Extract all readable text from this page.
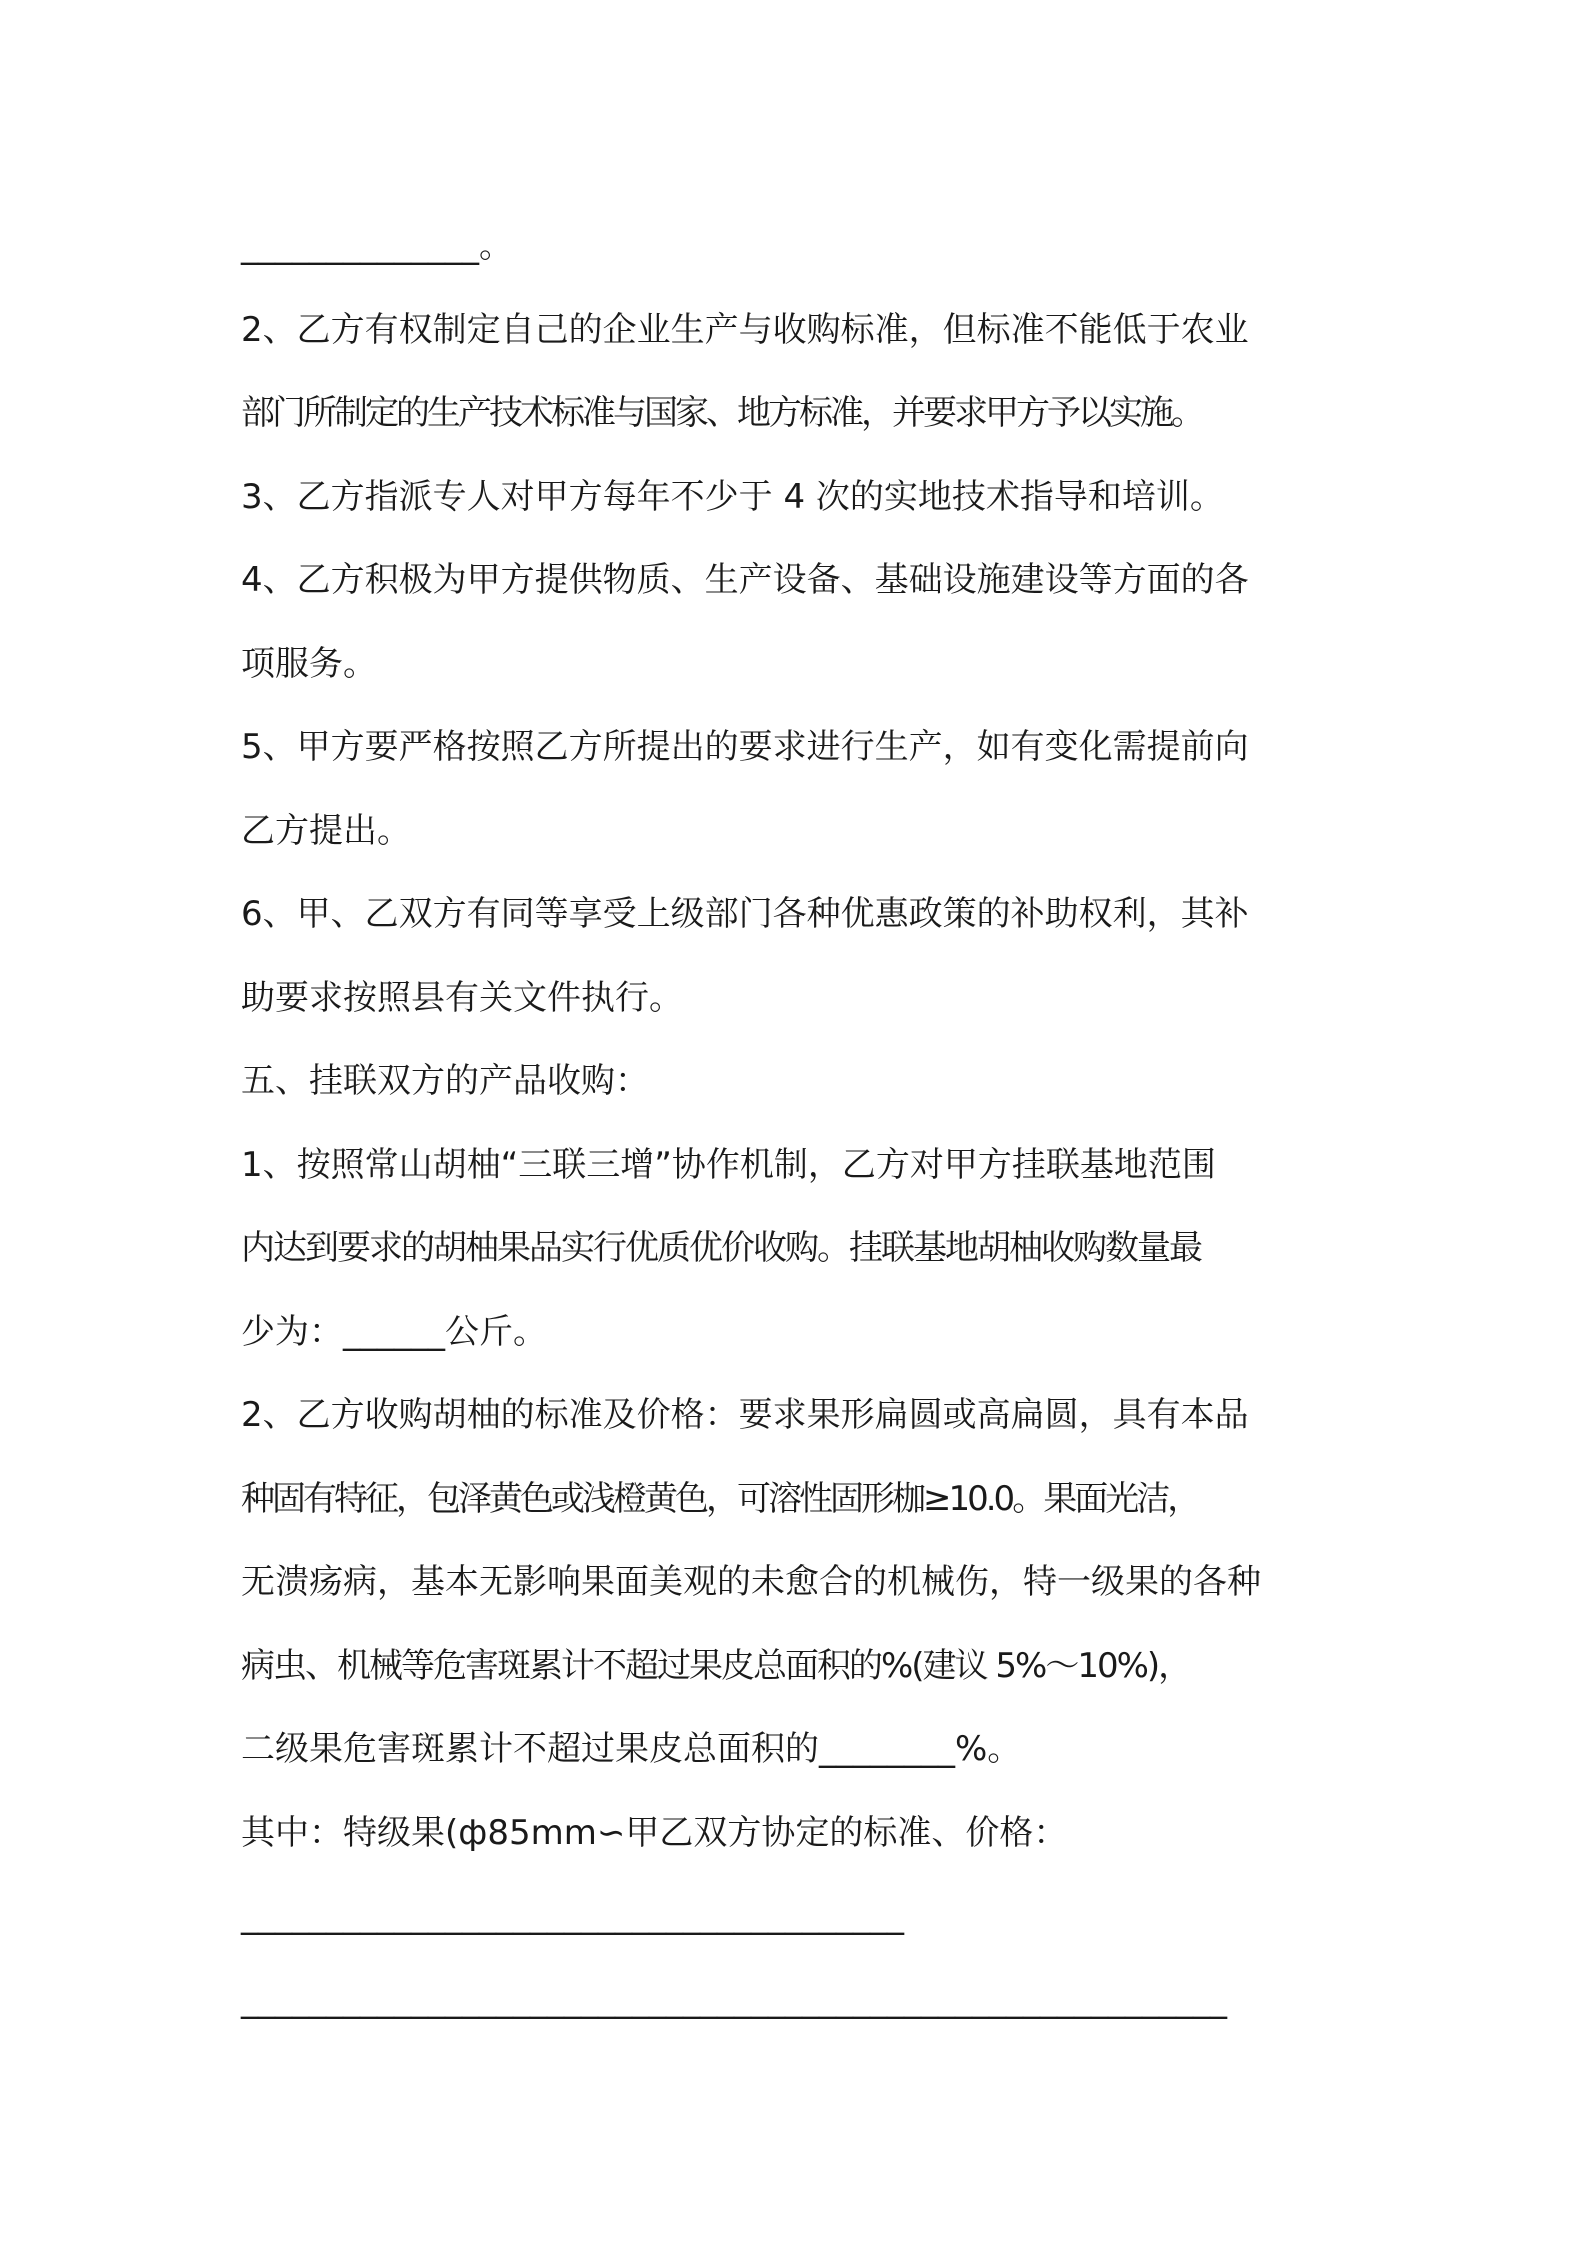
______________。
2、乙方有权制定自己的企业生产与收购标准，但标准不能低于农业
部门所制定的生产技术标准与国家、地方标准，并要求甲方予以实施。
3、乙方指派专人对甲方每年不少于 4 次的实地技术指导和培训。
4、乙方积极为甲方提供物质、生产设备、基础设施建设等方面的各
项服务。
5、甲方要严格按照乙方所提出的要求进行生产，如有变化需提前向
乙方提出。
6、甲、乙双方有同等享受上级部门各种优惠政策的补助权利，其补
助要求按照县有关文件执行。
五、挂联双方的产品收购：
1、按照常山胡柚“三联三增”协作机制，乙方对甲方挂联基地范围
内达到要求的胡柚果品实行优质优价收购。挂联基地胡柚收购数量最
少为：______公斤。
2、乙方收购胡柚的标准及价格：要求果形扁圆或高扁圆，具有本品
种固有特征，包泽黄色或浅橙黄色，可溶性固形枷≥10.0。果面光洁，
无溃疡病，基本无影响果面美观的未愈合的机械伤，特一级果的各种
病虫、机械等危害斑累计不超过果皮总面积的%(建议 5%～10%)，
二级果危害斑累计不超过果皮总面积的________%。
其中：特级果(ф85mm∽甲乙双方协定的标准、价格：
_______________________________________
__________________________________________________________
